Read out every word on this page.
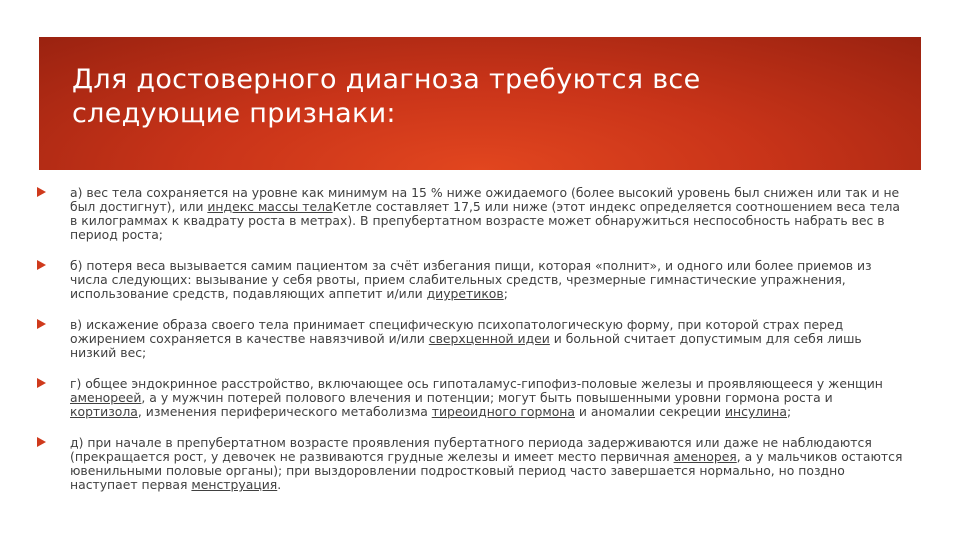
Для достоверного диагноза требуются все следующие признаки:
а) вес тела сохраняется на уровне как минимум на 15 % ниже ожидаемого (более высокий уровень был снижен или так и не был достигнут), или индекс массы телаКетле составляет 17,5 или ниже (этот индекс определяется соотношением веса тела в килограммах к квадрату роста в метрах). В препубертатном возрасте может обнаружиться неспособность набрать вес в период роста;
б) потеря веса вызывается самим пациентом за счёт избегания пищи, которая «полнит», и одного или более приемов из числа следующих: вызывание у себя рвоты, прием слабительных средств, чрезмерные гимнастические упражнения, использование средств, подавляющих аппетит и/или диуретиков;
в) искажение образа своего тела принимает специфическую психопатологическую форму, при которой страх перед ожирением сохраняется в качестве навязчивой и/или сверхценной идеи и больной считает допустимым для себя лишь низкий вес;
г) общее эндокринное расстройство, включающее ось гипоталамус-гипофиз-половые железы и проявляющееся у женщин аменореей, а у мужчин потерей полового влечения и потенции; могут быть повышенными уровни гормона роста и кортизола, изменения периферического метаболизма тиреоидного гормона и аномалии секреции инсулина;
д) при начале в препубертатном возрасте проявления пубертатного периода задерживаются или даже не наблюдаются (прекращается рост, у девочек не развиваются грудные железы и имеет место первичная аменорея, а у мальчиков остаются ювенильными половые органы); при выздоровлении подростковый период часто завершается нормально, но поздно наступает первая менструация.
